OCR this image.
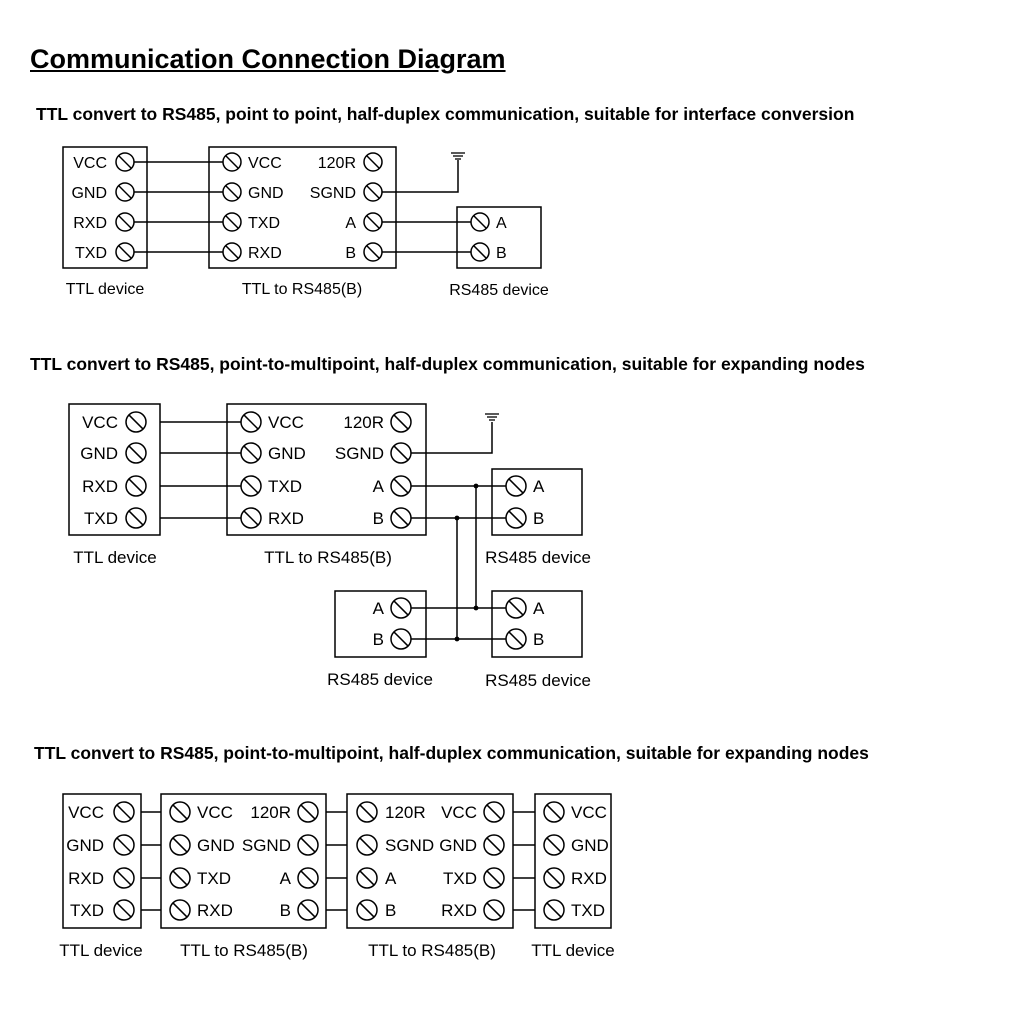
Communication Connection Diagram

TTL convert to RS485, point to point, half-duplex communication, suitable for interface conversion

TTL convert to RS485, point-to-multipoint, half-duplex communication, suitable for expanding nodes

TTL convert to RS485, point-to-multipoint, half-duplex communication, suitable for expanding nodes

VCC
GND
RXD
TXD
VCC
GND
TXD
RXD
120R
SGND
A
B
A
B
TTL device	TTL to RS485(B)	RS485 device
VCC
GND
RXD
TXD
VCC
GND
TXD
RXD
120R
SGND
A
B
A
B
A
B
A
B
TTL device	TTL to RS485(B)	RS485 device
RS485 device	RS485 device
VCC
GND
RXD
TXD
VCC
GND
TXD
RXD
120R
SGND
A
B
120R
SGND
A
B
VCC
GND
TXD
RXD
VCC
GND
RXD
TXD
TTL device TTL to RS485(B)	TTL to RS485(B) TTL device
